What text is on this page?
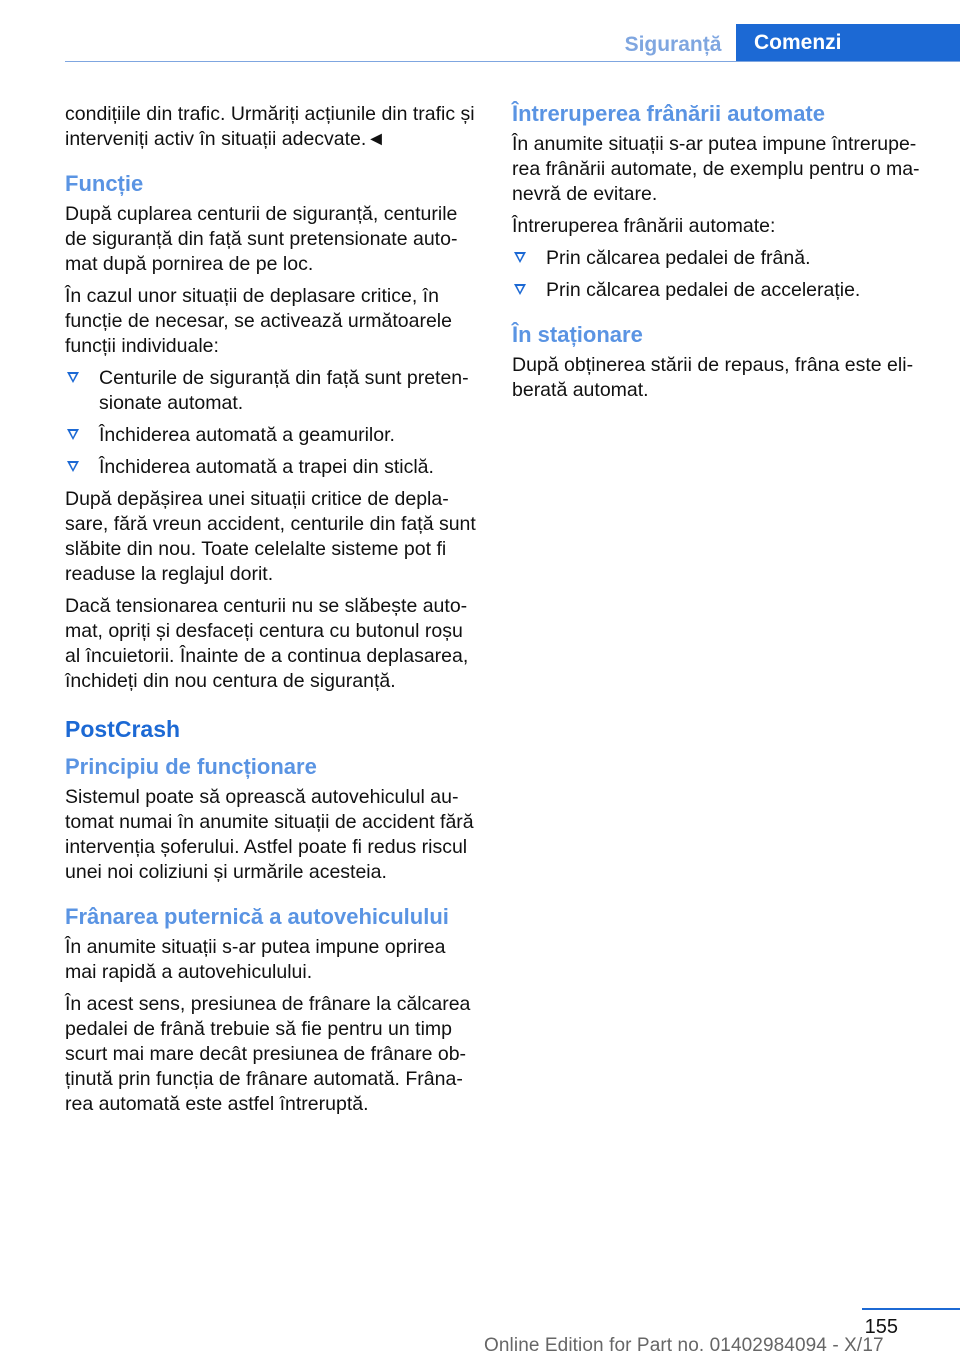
Siguranță	Comenzi

condițiile din trafic. Urmăriți acțiunile din trafic și interveniți activ în situații adecvate.◄

Funcție

După cuplarea centurii de siguranță, centurile de siguranță din față sunt pretensionate auto‐mat după pornirea de pe loc.

În cazul unor situații de deplasare critice, în funcție de necesar, se activează următoarele funcții individuale:

Centurile de siguranță din față sunt preten‐sionate automat.
Închiderea automată a geamurilor.
Închiderea automată a trapei din sticlă.

După depășirea unei situații critice de depla‐sare, fără vreun accident, centurile din față sunt slăbite din nou. Toate celelalte sisteme pot fi readuse la reglajul dorit.

Dacă tensionarea centurii nu se slăbește auto‐mat, opriți și desfaceți centura cu butonul roșu al încuietorii. Înainte de a continua deplasarea, închideți din nou centura de siguranță.

PostCrash
Principiu de funcționare

Sistemul poate să oprească autovehiculul au‐tomat numai în anumite situații de accident fără intervenția șoferului. Astfel poate fi redus riscul unei noi coliziuni și urmările acesteia.

Frânarea puternică a autovehiculului

În anumite situații s-ar putea impune oprirea mai rapidă a autovehiculului.

În acest sens, presiunea de frânare la călcarea pedalei de frână trebuie să fie pentru un timp scurt mai mare decât presiunea de frânare ob‐ținută prin funcția de frânare automată. Frâna‐rea automată este astfel întreruptă.

Întreruperea frânării automate

În anumite situații s-ar putea impune întrerupe‐rea frânării automate, de exemplu pentru o ma‐nevră de evitare.

Întreruperea frânării automate:

Prin călcarea pedalei de frână.
Prin călcarea pedalei de accelerație.
În staționare

După obținerea stării de repaus, frâna este eli‐berată automat.

155
Online Edition for Part no. 01402984094 - X/17
